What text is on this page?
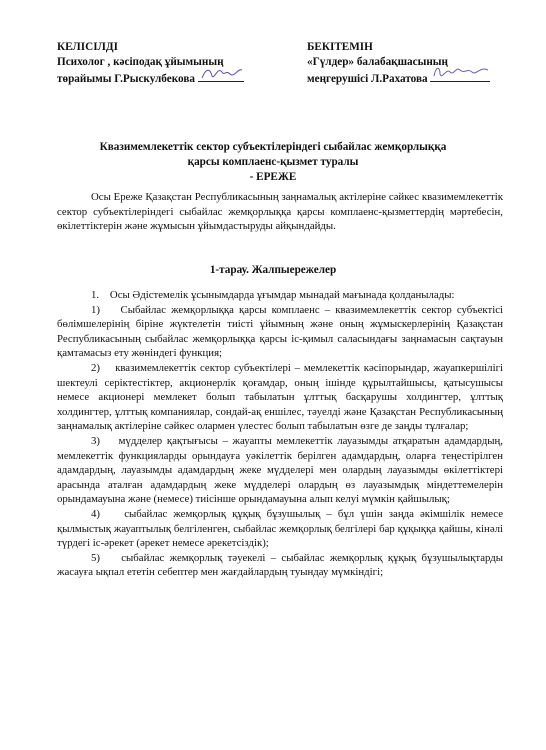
КЕЛІСІЛДІ
Психолог , кәсіподақ ұйымының
төрайымы Г.Рыскулбекова
БЕКІТЕМІН
«Гүлдер» балабақшасының
меңгерушісі Л.Рахатова
Квазимемлекеттік сектор субъектілеріндегі сыбайлас жемқорлыққа
қарсы комплаенс-қызмет туралы
- ЕРЕЖЕ
Осы Ереже Қазақстан Республикасының заңнамалық актілеріне сәйкес квазимемлекеттік сектор субъектілеріндегі сыбайлас жемқорлыққа қарсы комплаенс-қызметтердің мәртебесін, өкілеттіктерін және жұмысын ұйымдастыруды айқындайды.
1-тарау. Жалпыережелер

1.    Осы Әдістемелік ұсынымдарда ұғымдар мынадай мағынада қолданылады:

1)    Сыбайлас жемқорлыққа қарсы комплаенс – квазимемлекеттік сектор субъектісі бөлімшелерінің біріне жүктелетін тиісті ұйымның және оның жұмыскерлерінің Қазақстан Республикасының сыбайлас жемқорлыққа қарсы іс-қимыл саласындағы заңнамасын сақтауын қамтамасыз ету жөніндегі функция;

2)    квазимемлекеттік сектор субъектілері – мемлекеттік кәсіпорындар, жауапкершілігі шектеулі серіктестіктер, акционерлік қоғамдар, оның ішінде құрылтайшысы, қатысушысы немесе акционері мемлекет болып табылатын ұлттық басқарушы холдингтер, ұлттық холдингтер, ұлттық компаниялар, сондай-ақ еншілес, тәуелді және Қазақстан Республикасының заңнамалық актілеріне сәйкес олармен үлестес болып табылатын өзге де заңды тұлғалар;

3)    мүдделер қақтығысы – жауапты мемлекеттік лауазымды атқаратын адамдардың, мемлекеттік функцияларды орындауға уәкілеттік берілген адамдардың, оларға теңестірілген адамдардың, лауазымды адамдардың жеке мүдделері мен олардың лауазымды өкілеттіктері арасында аталған адамдардың жеке мүдделері олардың өз лауазымдық міндеттемелерін орындамауына және (немесе) тиісінше орындамауына алып келуі мүмкін қайшылық;

4)    сыбайлас жемқорлық құқық бұзушылық – бұл үшін заңда әкімшілік немесе қылмыстық жауаптылық белгіленген, сыбайлас жемқорлық белгілері бар құқыққа қайшы, кінәлі түрдегі іс-әрекет (әрекет немесе әрекетсіздік);

5)    сыбайлас жемқорлық тәуекелі – сыбайлас жемқорлық құқық бұзушылықтарды жасауға ықпал ететін себептер мен жағдайлардың туындау мүмкіндігі;
